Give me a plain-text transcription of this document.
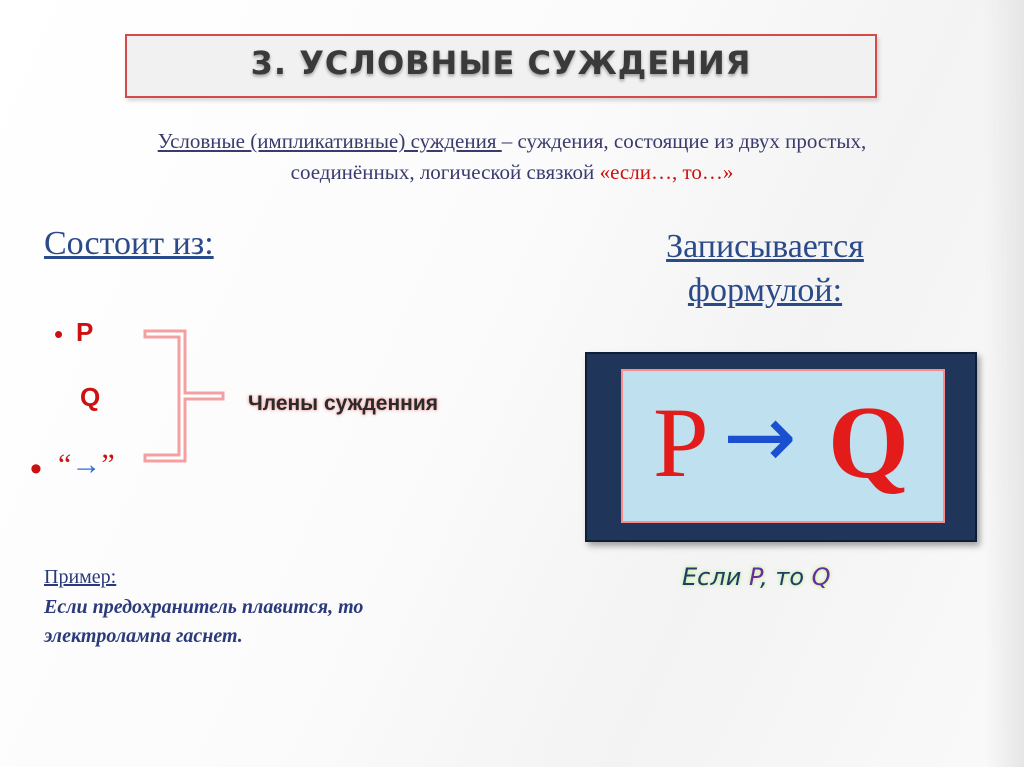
3. УСЛОВНЫЕ СУЖДЕНИЯ
Условные (импликативные) суждения – суждения, состоящие из двух простых,
соединённых, логической связкой «если…, то…»
Состоит из:	Записывается
формулой:
• P
Q
• “→”
Члены сужденния P → Q
Если P, то Q
Пример:
Если предохранитель плавится, то
электролампа гаснет.
